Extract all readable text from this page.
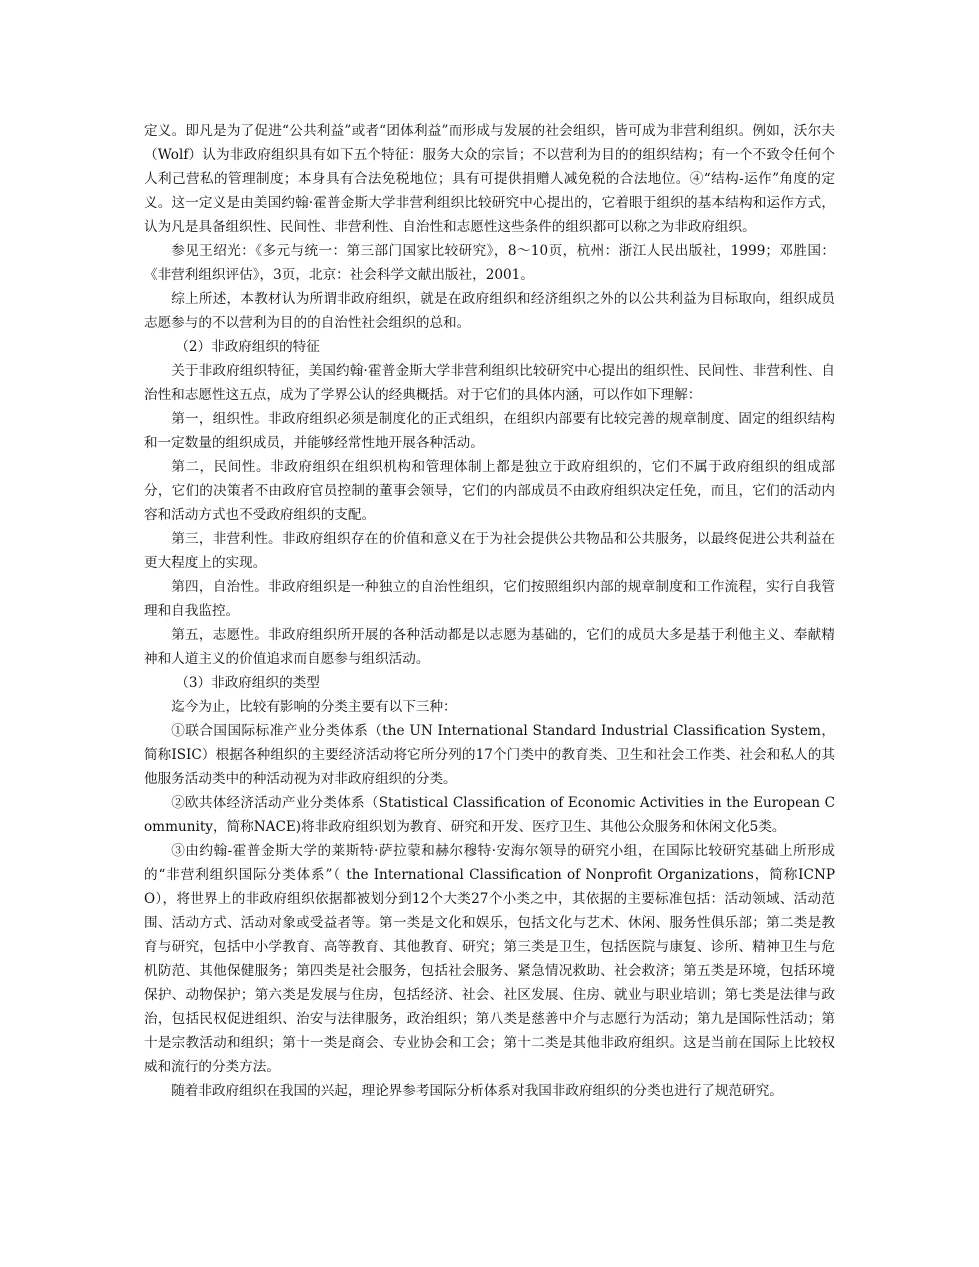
定义。即凡是为了促进“公共利益”或者“团体利益”而形成与发展的社会组织，皆可成为非营利组织。例如，沃尔夫（Wolf）认为非政府组织具有如下五个特征：服务大众的宗旨；不以营利为目的的组织结构；有一个不致令任何个人利己营私的管理制度；本身具有合法免税地位；具有可提供捐赠人减免税的合法地位。④“结构-运作”角度的定义。这一定义是由美国约翰·霍普金斯大学非营利组织比较研究中心提出的，它着眼于组织的基本结构和运作方式，认为凡是具备组织性、民间性、非营利性、自治性和志愿性这些条件的组织都可以称之为非政府组织。

参见王绍光：《多元与统一：第三部门国家比较研究》，8～10页，杭州：浙江人民出版社，1999；邓胜国：《非营利组织评估》，3页，北京：社会科学文献出版社，2001。

综上所述，本教材认为所谓非政府组织，就是在政府组织和经济组织之外的以公共利益为目标取向，组织成员志愿参与的不以营利为目的的自治性社会组织的总和。

（2）非政府组织的特征

关于非政府组织特征，美国约翰·霍普金斯大学非营利组织比较研究中心提出的组织性、民间性、非营利性、自治性和志愿性这五点，成为了学界公认的经典概括。对于它们的具体内涵，可以作如下理解：

第一，组织性。非政府组织必须是制度化的正式组织，在组织内部要有比较完善的规章制度、固定的组织结构和一定数量的组织成员，并能够经常性地开展各种活动。

第二，民间性。非政府组织在组织机构和管理体制上都是独立于政府组织的，它们不属于政府组织的组成部分，它们的决策者不由政府官员控制的董事会领导，它们的内部成员不由政府组织决定任免，而且，它们的活动内容和活动方式也不受政府组织的支配。

第三，非营利性。非政府组织存在的价值和意义在于为社会提供公共物品和公共服务，以最终促进公共利益在更大程度上的实现。

第四，自治性。非政府组织是一种独立的自治性组织，它们按照组织内部的规章制度和工作流程，实行自我管理和自我监控。

第五，志愿性。非政府组织所开展的各种活动都是以志愿为基础的，它们的成员大多是基于利他主义、奉献精神和人道主义的价值追求而自愿参与组织活动。

（3）非政府组织的类型

迄今为止，比较有影响的分类主要有以下三种：

①联合国国际标准产业分类体系（the UN International Standard Industrial Classification System，简称ISIC）根据各种组织的主要经济活动将它所分列的17个门类中的教育类、卫生和社会工作类、社会和私人的其他服务活动类中的种活动视为对非政府组织的分类。

②欧共体经济活动产业分类体系（Statistical Classification of Economic Activities in the European Community，简称NACE)将非政府组织划为教育、研究和开发、医疗卫生、其他公众服务和休闲文化5类。

③由约翰-霍普金斯大学的莱斯特·萨拉蒙和赫尔穆特·安海尔领导的研究小组，在国际比较研究基础上所形成的“非营利组织国际分类体系”（ the International Classification of Nonprofit Organizations，简称ICNPO），将世界上的非政府组织依据都被划分到12个大类27个小类之中，其依据的主要标准包括：活动领域、活动范围、活动方式、活动对象或受益者等。第一类是文化和娱乐，包括文化与艺术、休闲、服务性俱乐部；第二类是教育与研究，包括中小学教育、高等教育、其他教育、研究；第三类是卫生，包括医院与康复、诊所、精神卫生与危机防范、其他保健服务；第四类是社会服务，包括社会服务、紧急情况救助、社会救济；第五类是环境，包括环境保护、动物保护；第六类是发展与住房，包括经济、社会、社区发展、住房、就业与职业培训；第七类是法律与政治，包括民权促进组织、治安与法律服务，政治组织；第八类是慈善中介与志愿行为活动；第九是国际性活动；第十是宗教活动和组织；第十一类是商会、专业协会和工会；第十二类是其他非政府组织。这是当前在国际上比较权威和流行的分类方法。

随着非政府组织在我国的兴起，理论界参考国际分析体系对我国非政府组织的分类也进行了规范研究。
